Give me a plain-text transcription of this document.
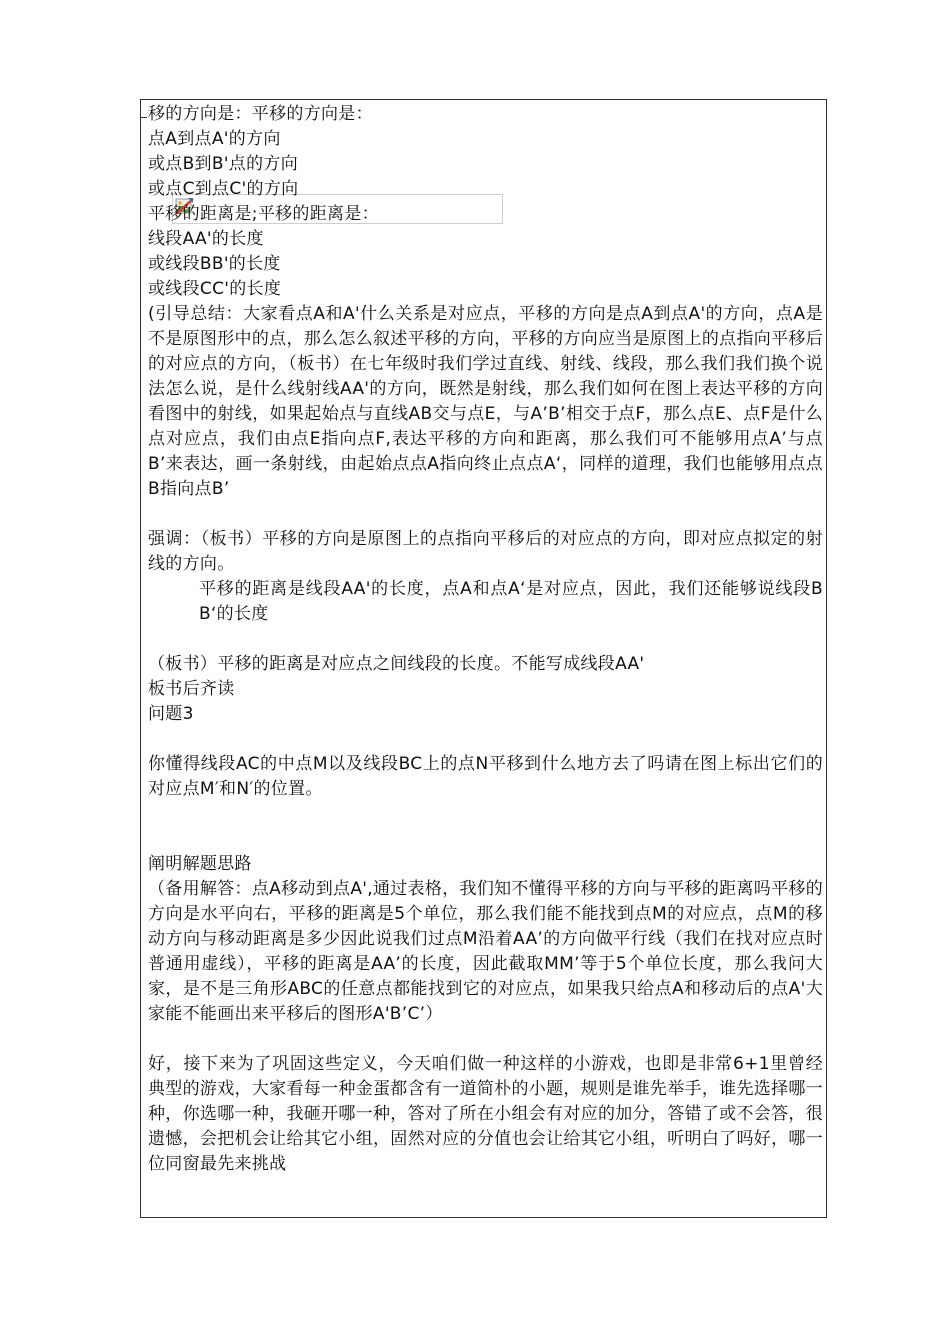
移的方向是：平移的方向是：
点A到点A'的方向
或点B到B'点的方向
或点C到点C'的方向
平移的距离是;平移的距离是：
线段AA'的长度
或线段BB'的长度
或线段CC'的长度
(引导总结：大家看点A和A'什么关系是对应点，平移的方向是点A到点A'的方向，点A是不是原图形中的点，那么怎么叙述平移的方向，平移的方向应当是原图上的点指向平移后的对应点的方向，（板书）在七年级时我们学过直线、射线、线段，那么我们我们换个说法怎么说，是什么线射线AA'的方向，既然是射线，那么我们如何在图上表达平移的方向 看图中的射线，如果起始点与直线AB交与点E，与A’B’相交于点F，那么点E、点F是什么点对应点，我们由点E指向点F,表达平移的方向和距离，那么我们可不能够用点A’与点B’来表达，画一条射线，由起始点点A指向终止点点A‘，同样的道理，我们也能够用点点B指向点B’
强调：（板书）平移的方向是原图上的点指向平移后的对应点的方向，即对应点拟定的射线的方向。
平移的距离是线段AA'的长度，点A和点A‘是对应点，因此，我们还能够说线段BB‘的长度
（板书）平移的距离是对应点之间线段的长度。不能写成线段AA'
板书后齐读
问题3
你懂得线段AC的中点M以及线段BC上的点N平移到什么地方去了吗请在图上标出它们的对应点M′和N′的位置。
阐明解题思路
（备用解答：点A移动到点A',通过表格，我们知不懂得平移的方向与平移的距离吗平移的方向是水平向右，平移的距离是5个单位，那么我们能不能找到点M的对应点，点M的移动方向与移动距离是多少因此说我们过点M沿着AA’的方向做平行线（我们在找对应点时普通用虚线），平移的距离是AA’的长度，因此截取MM’等于5个单位长度，那么我问大家，是不是三角形ABC的任意点都能找到它的对应点，如果我只给点A和移动后的点A'大家能不能画出来平移后的图形A'B’C’）
好，接下来为了巩固这些定义，今天咱们做一种这样的小游戏，也即是非常6+1里曾经典型的游戏，大家看每一种金蛋都含有一道简朴的小题，规则是谁先举手，谁先选择哪一种，你选哪一种，我砸开哪一种，答对了所在小组会有对应的加分，答错了或不会答，很遗憾，会把机会让给其它小组，固然对应的分值也会让给其它小组，听明白了吗好，哪一位同窗最先来挑战
